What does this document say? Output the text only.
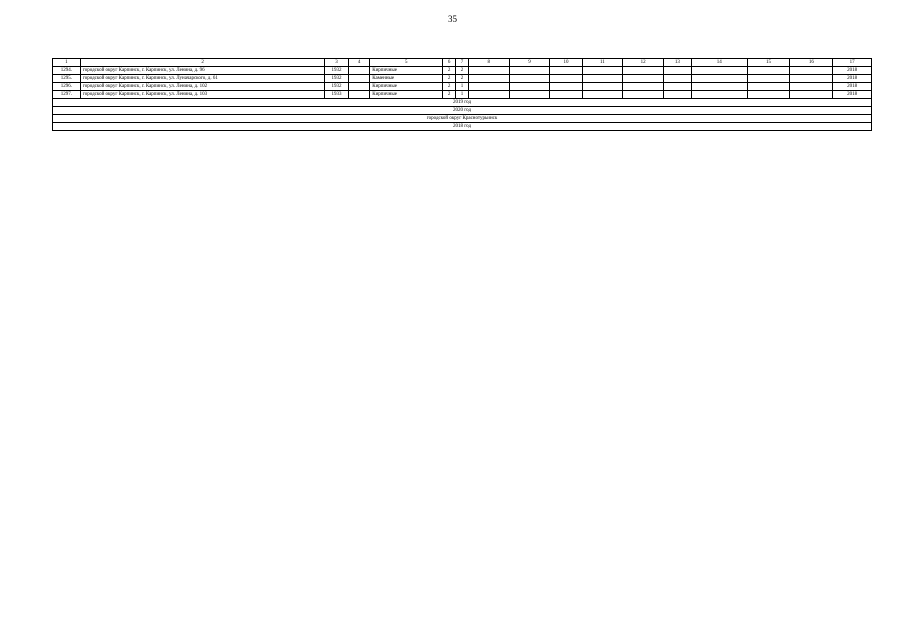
35
1	2	3	4	5	6	7	8	9	10	11	12	13	14	15	16	17
1294.	городской округ Карпинск, г. Карпинск, ул. Ленина, д. 96	1932		Кирпичные	2	2										2018
1295.	городской округ Карпинск, г. Карпинск, ул. Луначарского, д. 61	1932		Каменные	2	2										2018
1296.	городской округ Карпинск, г. Карпинск, ул. Ленина, д. 102	1932		Кирпичные	2	1										2018
1297.	городской округ Карпинск, г. Карпинск, ул. Ленина, д. 103	1933		Кирпичные	2	1										2018
2019 год																
2020 год																
городской округ Краснотурьинск																
2018 год																
